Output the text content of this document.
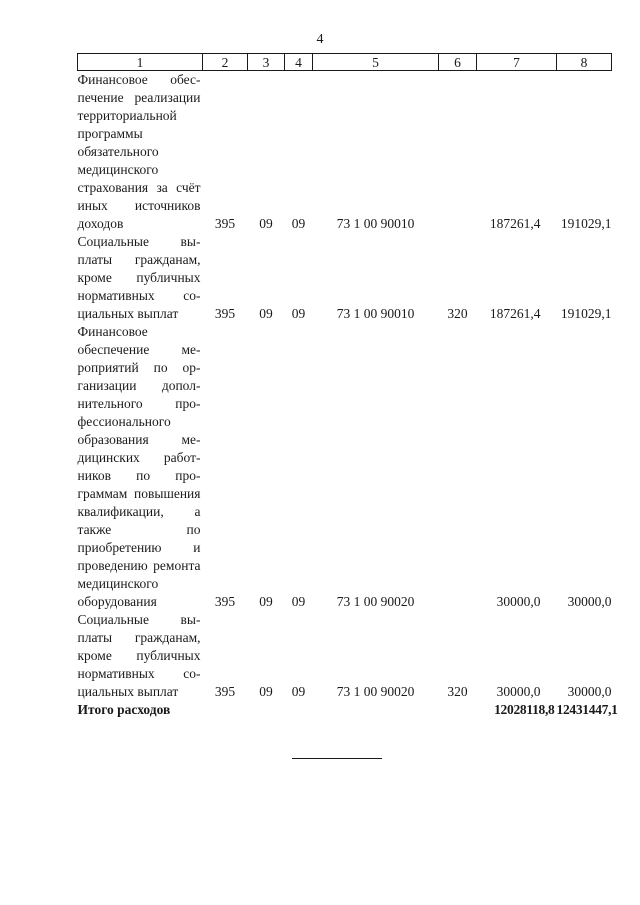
4
1	2	3	4	5	6	7	8
Финансовое обеспечение реализации территориальной программы обязательного медицинского страхования за счёт иных источников доходов	395	09	09	73 1 00 90010		187261,4	191029,1
Социальные выплаты гражданам, кроме публичных нормативных социальных выплат	395	09	09	73 1 00 90010	320	187261,4	191029,1
Финансовое обеспечение мероприятий по организации дополнительного профессионального образования медицинских работников по программам повышения квалификации, а также по приобретению и проведению ремонта медицинского оборудования	395	09	09	73 1 00 90020		30000,0	30000,0
Социальные выплаты гражданам, кроме публичных нормативных социальных выплат	395	09	09	73 1 00 90020	320	30000,0	30000,0
Итого расходов						12028118,8	12431447,1
